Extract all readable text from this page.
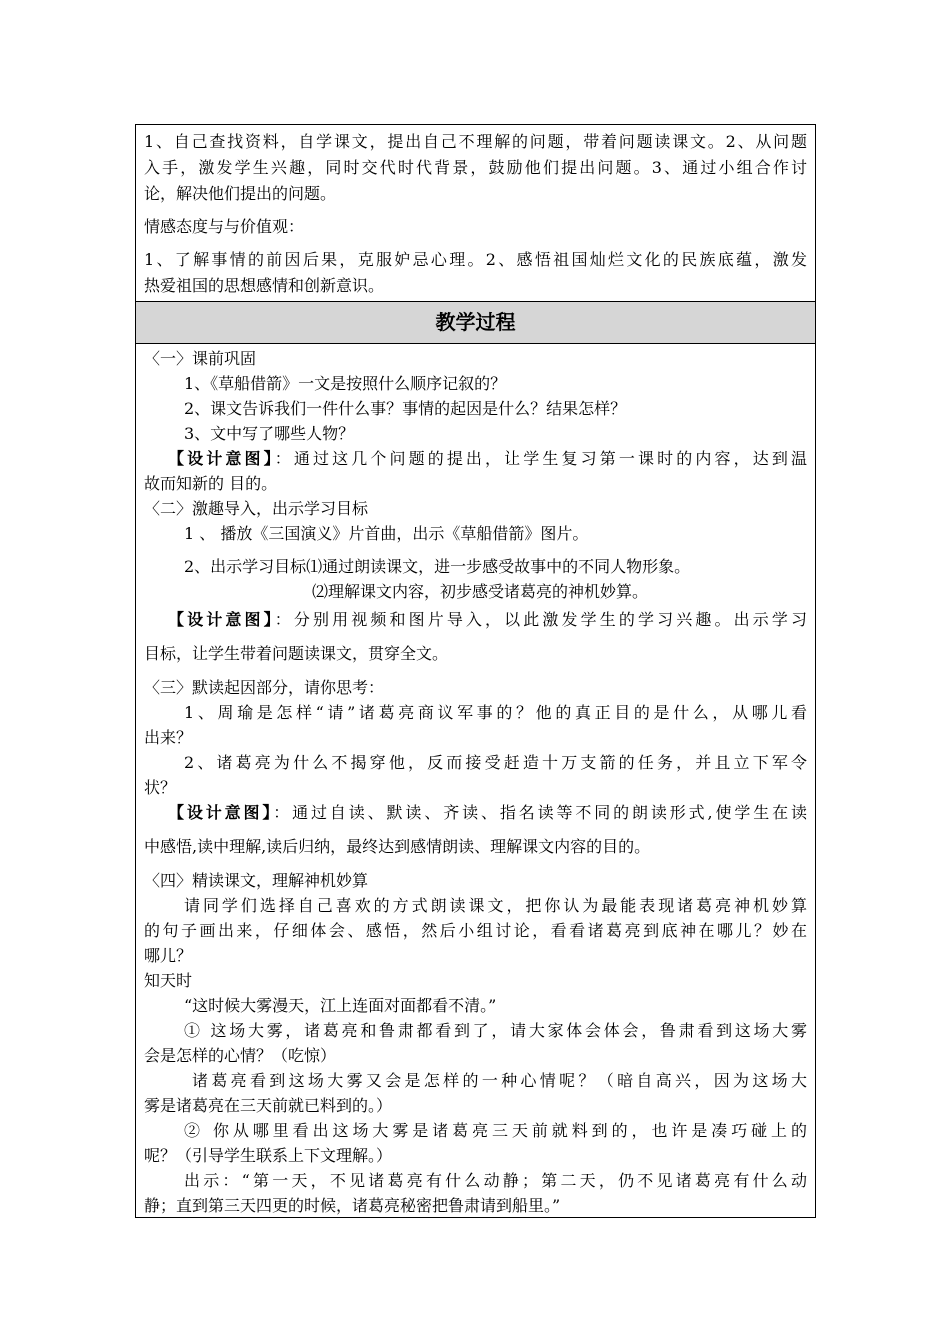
1、自己查找资料，自学课文，提出自己不理解的问题，带着问题读课文。2、从问题
入手，激发学生兴趣，同时交代时代背景，鼓励他们提出问题。3、通过小组合作讨
论，解决他们提出的问题。
情感态度与与价值观：
1、了解事情的前因后果，克服妒忌心理。2、感悟祖国灿烂文化的民族底蕴，激发
热爱祖国的思想感情和创新意识。
教学过程
〈一〉课前巩固
1、《草船借箭》一文是按照什么顺序记叙的？
2、课文告诉我们一件什么事？事情的起因是什么？结果怎样？
3、文中写了哪些人物？
【设计意图】：通过这几个问题的提出，让学生复习第一课时的内容，达到温
故而知新的 目的。
〈二〉激趣导入，出示学习目标
1 、 播放《三国演义》片首曲，出示《草船借箭》图片。
2、出示学习目标⑴通过朗读课文，进一步感受故事中的不同人物形象。
⑵理解课文内容，初步感受诸葛亮的神机妙算。
【设计意图】：分别用视频和图片导入，以此激发学生的学习兴趣。出示学习
目标，让学生带着问题读课文，贯穿全文。
〈三〉默读起因部分，请你思考：
1、周瑜是怎样“请”诸葛亮商议军事的？他的真正目的是什么，从哪儿看
出来？
2、诸葛亮为什么不揭穿他，反而接受赶造十万支箭的任务，并且立下军令
状？
【设计意图】：通过自读、默读、齐读、指名读等不同的朗读形式,使学生在读
中感悟,读中理解,读后归纳，最终达到感情朗读、理解课文内容的目的。
〈四〉精读课文，理解神机妙算
请同学们选择自己喜欢的方式朗读课文，把你认为最能表现诸葛亮神机妙算
的句子画出来，仔细体会、感悟，然后小组讨论，看看诸葛亮到底神在哪儿？妙在
哪儿？
知天时
“这时候大雾漫天，江上连面对面都看不清。”
① 这场大雾，诸葛亮和鲁肃都看到了，请大家体会体会，鲁肃看到这场大雾
会是怎样的心情？（吃惊）
诸葛亮看到这场大雾又会是怎样的一种心情呢？（暗自高兴，因为这场大
雾是诸葛亮在三天前就已料到的。）
② 你从哪里看出这场大雾是诸葛亮三天前就料到的，也许是凑巧碰上的
呢？（引导学生联系上下文理解。）
出示：“第一天，不见诸葛亮有什么动静；第二天，仍不见诸葛亮有什么动
静；直到第三天四更的时候，诸葛亮秘密把鲁肃请到船里。”
